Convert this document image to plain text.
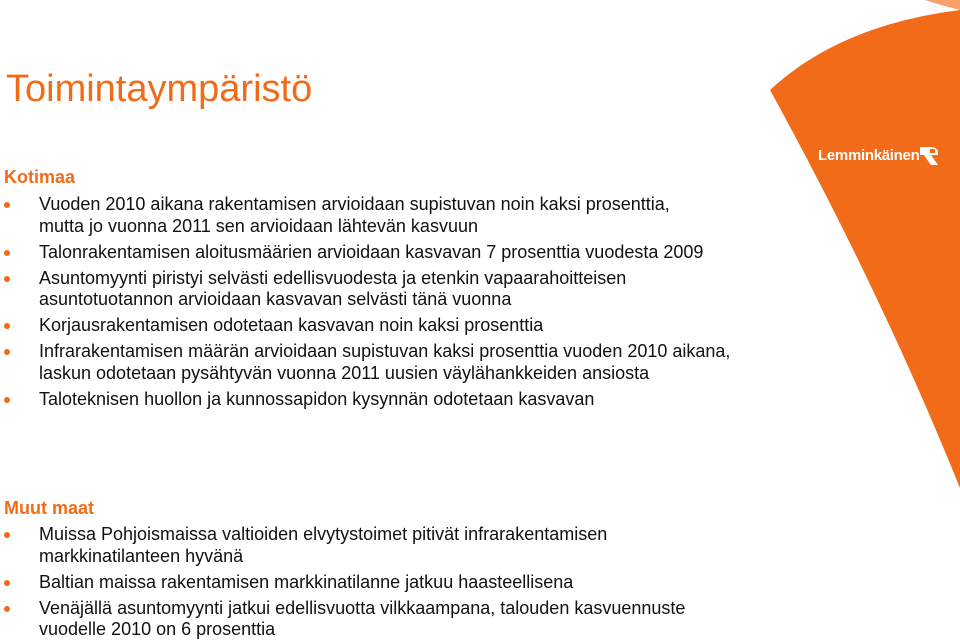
Lemminkäinen
Toimintaympäristö
Kotimaa
Vuoden 2010 aikana rakentamisen arvioidaan supistuvan noin kaksi prosenttia, mutta jo vuonna 2011 sen arvioidaan lähtevän kasvuun
Talonrakentamisen aloitusmäärien arvioidaan kasvavan 7 prosenttia vuodesta 2009
Asuntomyynti piristyi selvästi edellisvuodesta ja etenkin vapaarahoitteisen asuntotuotannon arvioidaan kasvavan selvästi tänä vuonna
Korjausrakentamisen odotetaan kasvavan noin kaksi prosenttia
Infrarakentamisen määrän arvioidaan supistuvan kaksi prosenttia vuoden 2010 aikana, laskun odotetaan pysähtyvän vuonna 2011 uusien väylähankkeiden ansiosta
Taloteknisen huollon ja kunnossapidon kysynnän odotetaan kasvavan
Muut maat
Muissa Pohjoismaissa valtioiden elvytystoimet pitivät infrarakentamisen markkinatilanteen hyvänä
Baltian maissa rakentamisen markkinatilanne jatkuu haasteellisena
Venäjällä asuntomyynti jatkui edellisvuotta vilkkaampana, talouden kasvuennuste vuodelle 2010 on 6 prosenttia
